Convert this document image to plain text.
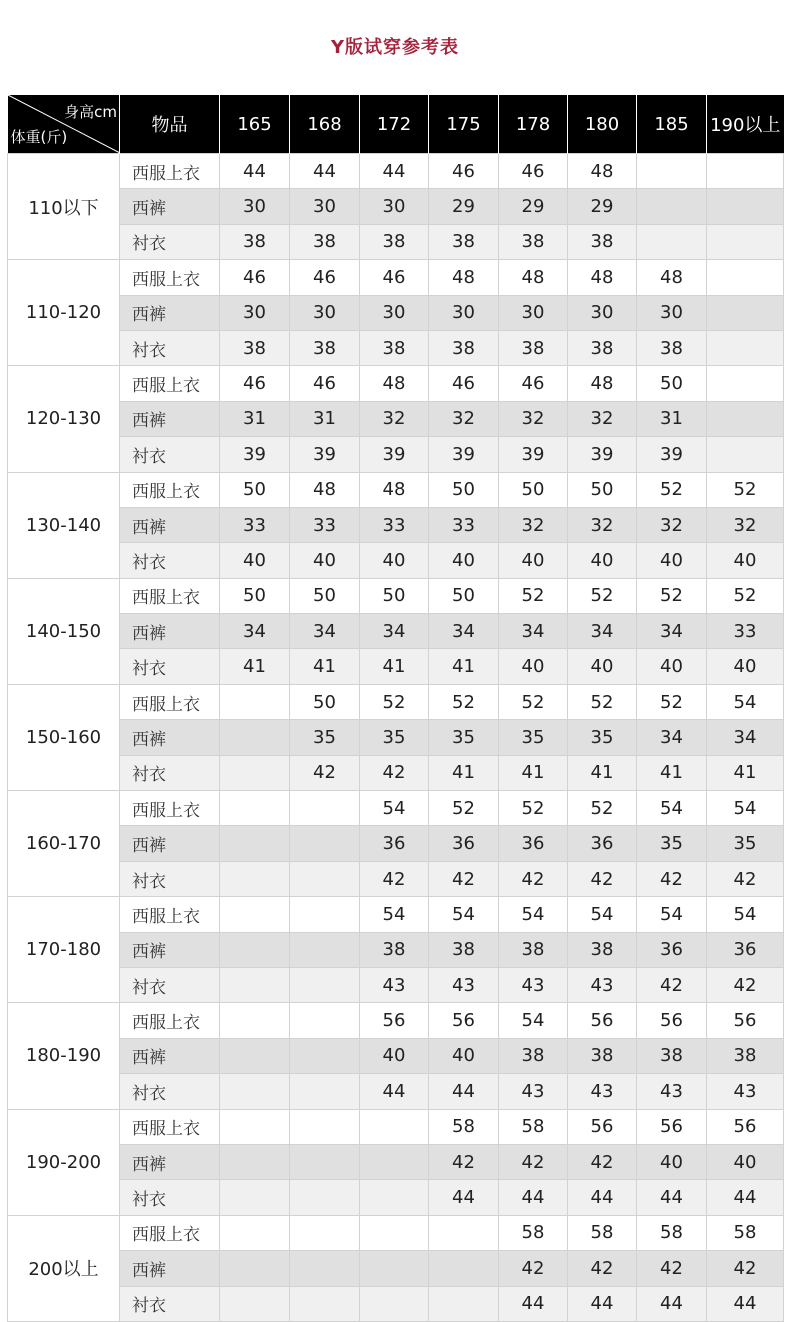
Y版试穿参考表
身高cm
体重(斤)	物品	165	168	172	175	178	180	185	190以上
110以下	西服上衣	44	44	44	46	46	48		
	西裤	30	30	30	29	29	29		
	衬衣	38	38	38	38	38	38		
110-120	西服上衣	46	46	46	48	48	48	48	
	西裤	30	30	30	30	30	30	30	
	衬衣	38	38	38	38	38	38	38	
120-130	西服上衣	46	46	48	46	46	48	50	
	西裤	31	31	32	32	32	32	31	
	衬衣	39	39	39	39	39	39	39	
130-140	西服上衣	50	48	48	50	50	50	52	52
	西裤	33	33	33	33	32	32	32	32
	衬衣	40	40	40	40	40	40	40	40
140-150	西服上衣	50	50	50	50	52	52	52	52
	西裤	34	34	34	34	34	34	34	33
	衬衣	41	41	41	41	40	40	40	40
150-160	西服上衣		50	52	52	52	52	52	54
	西裤		35	35	35	35	35	34	34
	衬衣		42	42	41	41	41	41	41
160-170	西服上衣			54	52	52	52	54	54
	西裤			36	36	36	36	35	35
	衬衣			42	42	42	42	42	42
170-180	西服上衣			54	54	54	54	54	54
	西裤			38	38	38	38	36	36
	衬衣			43	43	43	43	42	42
180-190	西服上衣			56	56	54	56	56	56
	西裤			40	40	38	38	38	38
	衬衣			44	44	43	43	43	43
190-200	西服上衣				58	58	56	56	56
	西裤				42	42	42	40	40
	衬衣				44	44	44	44	44
200以上	西服上衣					58	58	58	58
	西裤					42	42	42	42
	衬衣					44	44	44	44
